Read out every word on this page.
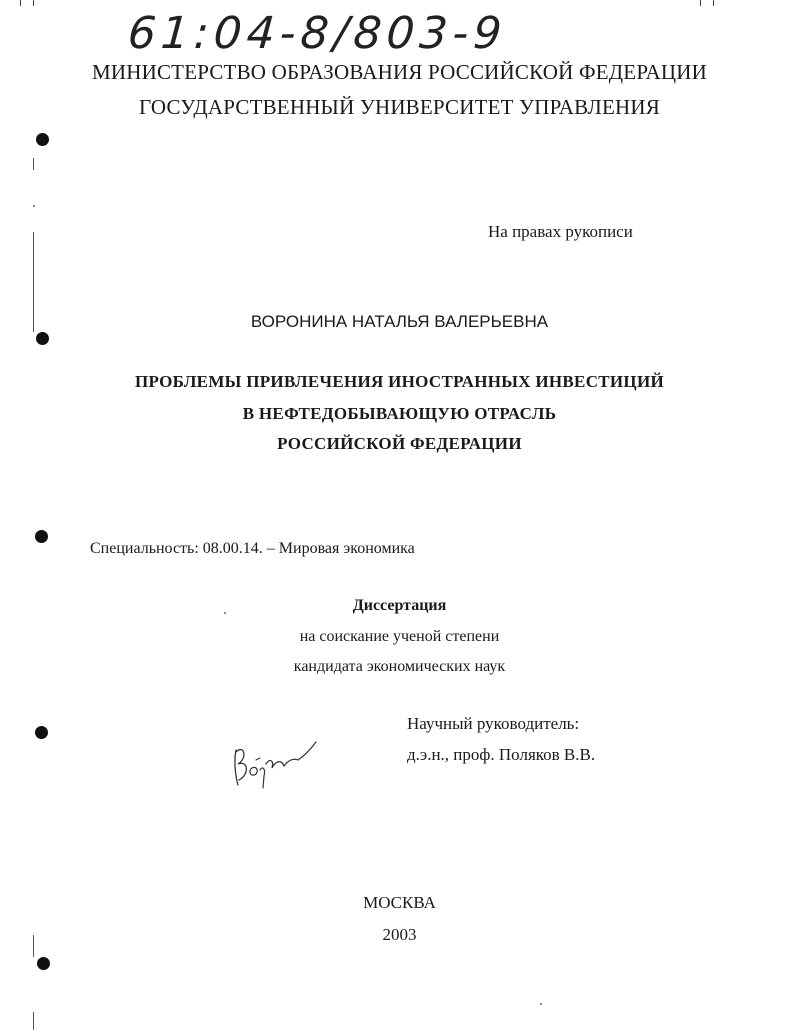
61:04-8/803-9
МИНИСТЕРСТВО ОБРАЗОВАНИЯ РОССИЙСКОЙ ФЕДЕРАЦИИ
ГОСУДАРСТВЕННЫЙ УНИВЕРСИТЕТ УПРАВЛЕНИЯ
На правах рукописи
ВОРОНИНА НАТАЛЬЯ ВАЛЕРЬЕВНА
ПРОБЛЕМЫ ПРИВЛЕЧЕНИЯ ИНОСТРАННЫХ ИНВЕСТИЦИЙ
В НЕФТЕДОБЫВАЮЩУЮ ОТРАСЛЬ
РОССИЙСКОЙ ФЕДЕРАЦИИ
Специальность: 08.00.14. – Мировая экономика
Диссертация
на соискание ученой степени
кандидата экономических наук
Научный руководитель:
д.э.н., проф. Поляков В.В.
МОСКВА
2003
